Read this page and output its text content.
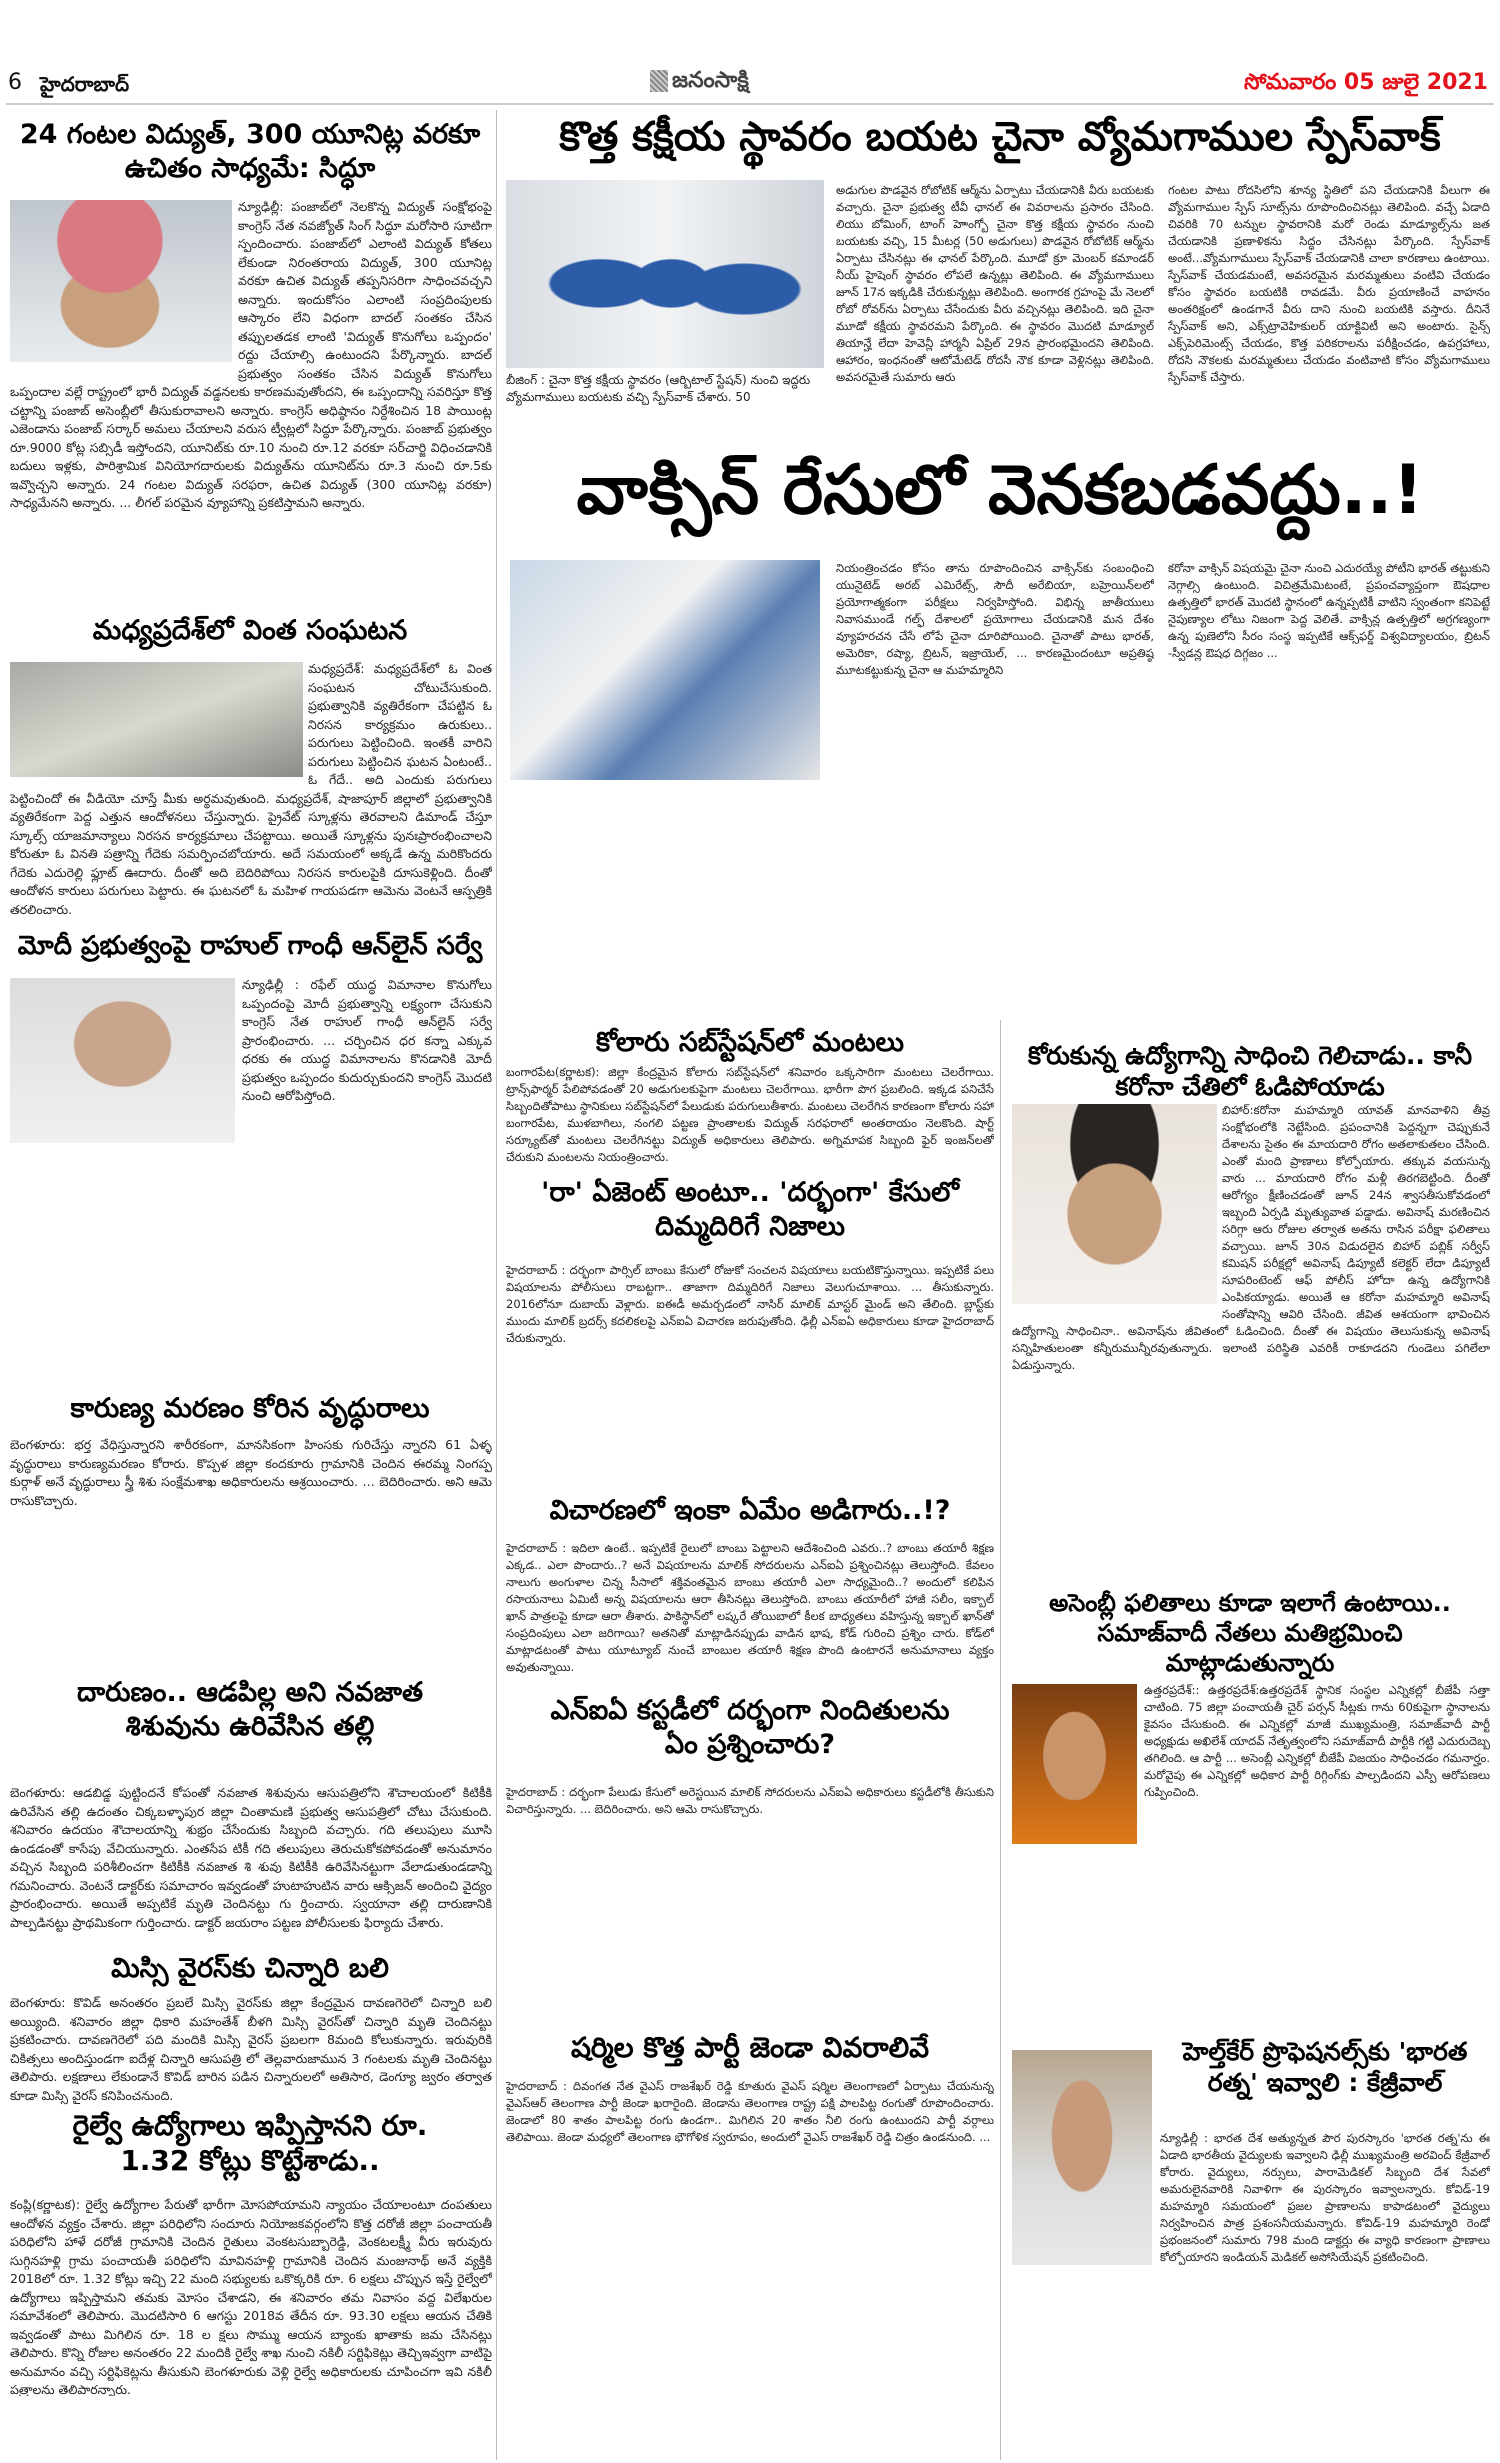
6 హైదరాబాద్	జనంసాక్షి	సోమవారం 05 జులై 2021
24 గంటల విద్యుత్, 300 యూనిట్ల వరకూ ఉచితం సాధ్యమే: సిద్ధూ
న్యూఢిల్లీ: పంజాబ్‌లో నెలకొన్న విద్యుత్ సంక్షోభంపై కాంగ్రెస్ నేత నవజ్యోత్ సింగ్ సిద్ధూ మరోసారి సూటిగా స్పందించారు. పంజాబ్‌లో ఎలాంటి విద్యుత్ కోతలు లేకుండా నిరంతరాయ విద్యుత్, 300 యూనిట్ల వరకూ ఉచిత విద్యుత్ తప్పనిసరిగా సాధించవచ్చని అన్నారు. ఇందుకోసం ఎలాంటి సంప్రదింపులకు ఆస్కారం లేని విధంగా బాదల్ సంతకం చేసిన తప్పులతడక లాంటి 'విద్యుత్ కొనుగోలు ఒప్పందం' రద్దు చేయాల్సి ఉంటుందని పేర్కొన్నారు. బాదల్ ప్రభుత్వం సంతకం చేసిన విద్యుత్ కొనుగోలు ఒప్పందాల వల్లే రాష్ట్రంలో భారీ విద్యుత్ వడ్డనలకు కారణమవుతోందని, ఈ ఒప్పందాన్ని సవరిస్తూ కొత్త చట్టాన్ని పంజాబ్ అసెంబ్లీలో తీసుకురావాలని అన్నారు. కాంగ్రెస్ అధిష్ఠానం నిర్దేశించిన 18 పాయింట్ల ఎజెండాను పంజాబ్ సర్కార్ అమలు చేయాలని వరుస ట్వీట్లలో సిద్ధూ పేర్కొన్నారు. పంజాబ్ ప్రభుత్వం రూ.9000 కోట్ల సబ్సిడీ ఇస్తోందని, యూనిట్‌కు రూ.10 నుంచి రూ.12 వరకూ సర్‌చార్జి విధించడానికి బదులు ఇళ్లకు, పారిశ్రామిక వినియోగదారులకు విద్యుత్‌ను యూనిట్‌ను రూ.3 నుంచి రూ.5కు ఇవ్వొచ్చని అన్నారు. 24 గంటల విద్యుత్ సరఫరా, ఉచిత విద్యుత్ (300 యూనిట్ల వరకూ) సాధ్యమేనని అన్నారు. ... లీగల్ పరమైన వ్యూహాన్ని ప్రకటిస్తామని అన్నారు.
మధ్యప్రదేశ్‌లో వింత సంఘటన
మధ్యప్రదేశ్: మధ్యప్రదేశ్‌లో ఓ వింత సంఘటన చోటుచేసుకుంది. ప్రభుత్వానికి వ్యతిరేకంగా చేపట్టిన ఓ నిరసన కార్యక్రమం ఉరుకులు.. పరుగులు పెట్టించింది. ఇంతకీ వారిని పరుగులు పెట్టించిన ఘటన ఏంటంటే.. ఓ గేదే.. అది ఎందుకు పరుగులు పెట్టించిందో ఈ వీడియో చూస్తే మీకు అర్థమవుతుంది. మధ్యప్రదేశ్, షాజాపూర్ జిల్లాలో ప్రభుత్వానికి వ్యతిరేకంగా పెద్ద ఎత్తున ఆందోళనలు చేస్తున్నారు. ప్రైవేట్ స్కూళ్లను తెరవాలని డిమాండ్ చేస్తూ స్కూల్స్ యాజమాన్యాలు నిరసన కార్యక్రమాలు చేపట్టాయి. అయితే స్కూళ్లను పునఃప్రారంభించాలని కోరుతూ ఓ వినతి పత్రాన్ని గేదెకు సమర్పించబోయారు. అదే సమయంలో అక్కడే ఉన్న మరికొందరు గేదెకు ఎదురెల్లి ఫ్లూట్ ఊదారు. దీంతో అది బెదిరిపోయి నిరసన కారులపైకి దూసుకెళ్లింది. దీంతో ఆందోళన కారులు పరుగులు పెట్టారు. ఈ ఘటనలో ఓ మహిళ గాయపడగా ఆమెను వెంటనే ఆస్పత్రికి తరలించారు.
మోదీ ప్రభుత్వంపై రాహుల్ గాంధీ ఆన్‌లైన్ సర్వే
న్యూఢిల్లీ : రఫేల్ యుద్ధ విమానాల కొనుగోలు ఒప్పందంపై మోదీ ప్రభుత్వాన్ని లక్ష్యంగా చేసుకుని కాంగ్రెస్ నేత రాహుల్ గాంధీ ఆన్‌లైన్ సర్వే ప్రారంభించారు. ... చర్చించిన ధర కన్నా ఎక్కువ ధరకు ఈ యుద్ధ విమానాలను కొనడానికి మోదీ ప్రభుత్వం ఒప్పందం కుదుర్చుకుందని కాంగ్రెస్ మొదటి నుంచి ఆరోపిస్తోంది.
కారుణ్య మరణం కోరిన వృద్ధురాలు
బెంగళూరు: భర్త వేధిస్తున్నారని శారీరకంగా, మానసికంగా హింసకు గురిచేస్తు న్నారని 61 ఏళ్ళ వృద్ధురాలు కారుణ్యమరణం కోరారు. కొప్పళ జిల్లా కందకూరు గ్రామానికి చెందిన ఈరమ్మ నింగప్ప కుర్గాళ్ అనే వృద్ధురాలు స్త్రీ శిశు సంక్షేమశాఖ అధికారులను ఆశ్రయించారు. ... బెదిరించారు. అని ఆమె రాసుకొచ్చారు.
దారుణం.. ఆడపిల్ల అని నవజాత శిశువును ఉరివేసిన తల్లి
బెంగళూరు: ఆడబిడ్డ పుట్టిందనే కోపంతో నవజాత శిశువును ఆసుపత్రిలోని శౌచాలయంలో కిటికీకి ఉరివేసిన తల్లి ఉదంతం చిక్కబళ్ళాపుర జిల్లా చింతామణి ప్రభుత్వ ఆసుపత్రిలో చోటు చేసుకుంది. శనివారం ఉదయం శౌచాలయాన్ని శుభ్రం చేసేందుకు సిబ్బంది వచ్చారు. గది తలుపులు మూసి ఉండడంతో కాసేపు వేచియున్నారు. ఎంతసేప టికీ గది తలుపులు తెరుచుకోకపోవడంతో అనుమానం వచ్చిన సిబ్బంది పరిశీలించగా కిటికీకి నవజాత శి శువు కిటికీకి ఉరివేసినట్టుగా వేలాడుతుండడాన్ని గమనించారు. వెంటనే డాక్టర్‌కు సమాచారం ఇవ్వడంతో హుటాహుటిన వారు ఆక్సిజన్ అందించి వైద్యం ప్రారంభించారు. అయితే అప్పటికే మృతి చెందినట్టు గు ర్తించారు. స్వయానా తల్లి దారుణానికి పాల్పడినట్టు ప్రాథమికంగా గుర్తించారు. డాక్టర్ జయరాం పట్టణ పోలీసులకు ఫిర్యాదు చేశారు.
మిస్సి వైరస్‌కు చిన్నారి బలి
బెంగళూరు: కొవిడ్ అనంతరం ప్రబలే మిస్సి వైరస్‌కు జిల్లా కేంద్రమైన దావణగెరెలో చిన్నారి బలి అయ్యింది. శనివారం జిల్లా ధికారి మహంతేశ్ బీళగి మిస్సి వైరస్‌తో చిన్నారి మృతి చెందినట్టు ప్రకటించారు. దావణగెరెలో పది మందికి మిస్సి వైరస్ ప్రబలగా 8మంది కోలుకున్నారు. ఇరువురికి చికిత్సలు అందిస్తుండగా ఐదేళ్ల చిన్నారి ఆసుపత్రి లో తెల్లవారుజామున 3 గంటలకు మృతి చెందినట్టు తెలిపారు. లక్షణాలు లేకుండానే కొవిడ్ బారిన పడిన చిన్నారులలో అతిసార, డెంగ్యూ జ్వరం తర్వాత కూడా మిస్సి వైరస్ కనిపించనుంది.
రైల్వే ఉద్యోగాలు ఇప్పిస్తానని రూ. 1.32 కోట్లు కొట్టేశాడు..
కంప్లి(కర్ణాటక): రైల్వే ఉద్యోగాల పేరుతో భారీగా మోసపోయామని న్యాయం చేయాలంటూ దంపతులు ఆందోళన వ్యక్తం చేశారు. జిల్లా పరిధిలోని సందూరు నియోజకవర్గంలోని కొత్త దరోజీ జిల్లా పంచాయతీ పరిధిలోని హాళే దరోజీ గ్రామానికి చెందిన రైతులు వెంకటసుబ్బారెడ్డి, వెంకటలక్ష్మీ వీరు ఇరువురు సుగ్గినహళ్లి గ్రామ పంచాయతీ పరిధిలోని మావినహళ్లి గ్రామానికి చెందిన మంజునాథ్ అనే వ్యక్తికి 2018లో రూ. 1.32 కోట్లు ఇచ్చి 22 మంది సభ్యులకు ఒకొక్కరికి రూ. 6 లక్షలు చొప్పున ఇస్తే రైల్వేలో ఉద్యోగాలు ఇప్పిస్తామని తమకు మోసం చేశాడని, ఈ శనివారం తమ నివాసం వద్ద విలేఖరుల సమావేశంలో తెలిపారు. మొదటిసారి 6 ఆగస్టు 2018వ తేదీన రూ. 93.30 లక్షలు ఆయన చేతికి ఇవ్వడంతో పాటు మిగిలిన రూ. 18 ల క్షలు సొమ్ము ఆయన బ్యాంకు ఖాతాకు జమ చేసినట్లు తెలిపారు. కొన్ని రోజుల అనంతరం 22 మందికి రైల్వే శాఖ నుంచి నకిలీ సర్టిఫికెట్లు తెచ్చిఇవ్వగా వాటిపై అనుమానం వచ్చి సర్టిఫికెట్లను తీసుకుని బెంగళూరుకు వెళ్లి రైల్వే అధికారులకు చూపించగా ఇవి నకిలీ పత్రాలను తెలిపారన్నారు.
కొత్త కక్షీయ స్థావరం బయట చైనా వ్యోమగాముల స్పేస్‌వాక్
బీజింగ్ : చైనా కొత్త కక్షీయ స్థావరం (ఆర్బిటాల్ స్టేషన్) నుంచి ఇద్దరు వ్యోమగాములు బయటకు వచ్చి స్పేస్‌వాక్ చేశారు. 50
అడుగుల పొడవైన రోబోటిక్ ఆర్మ్‌ను ఏర్పాటు చేయడానికి వీరు బయటకు వచ్చారు. చైనా ప్రభుత్వ టీవీ ఛానల్ ఈ వివరాలను ప్రసారం చేసింది. లియు బోమింగ్, టాంగ్ హెాంగ్బో చైనా కొత్త కక్షీయ స్థావరం నుంచి బయటకు వచ్చి, 15 మీటర్ల (50 అడుగులు) పొడవైన రోబోటిక్ ఆర్మ్‌ను ఏర్పాటు చేసినట్లు ఈ ఛానల్ పేర్కొంది. మూడో క్రూ మెంబర్ కమాండర్ నీయ్ హైషెంగ్ స్థావరం లోపలే ఉన్నట్లు తెలిపింది. ఈ వ్యోమగాములు జూన్ 17న ఇక్కడికి చేరుకున్నట్లు తెలిపింది. అంగారక గ్రహంపై మే నెలలో రోబో రోవర్‌ను ఏర్పాటు చేసేందుకు వీరు వచ్చినట్లు తెలిపింది. ఇది చైనా మూడో కక్షీయ స్థావరమని పేర్కొంది. ఈ స్థావరం మొదటి మాడ్యూల్ తియాన్హే లేదా హెవెన్లీ హార్మనీ ఏప్రిల్ 29న ప్రారంభమైందని తెలిపింది. ఆహారం, ఇంధనంతో ఆటోమేటెడ్ రోదసీ నౌక కూడా వెళ్లినట్లు తెలిపింది. అవసరమైతే సుమారు ఆరు
గంటల పాటు రోదసిలోని శూన్య స్థితిలో పని చేయడానికి వీలుగా ఈ వ్యోమగాముల స్పేస్ సూట్స్‌ను రూపొందించినట్లు తెలిపింది. వచ్చే ఏడాది చివరికి 70 టన్నుల స్థావరానికి మరో రెండు మాడ్యూల్స్‌ను జత చేయడానికి ప్రణాళికను సిద్ధం చేసినట్లు పేర్కొంది. స్పేస్‌వాక్ అంటే...వ్యోమగాములు స్పేస్‌వాక్ చేయడానికి చాలా కారణాలు ఉంటాయి. స్పేస్‌వాక్ చేయడమంటే, అవసరమైన మరమ్మతులు వంటివి చేయడం కోసం స్థావరం బయటికి రావడమే. వీరు ప్రయాణించే వాహనం అంతరిక్షంలో ఉండగానే వీరు దాని నుంచి బయటికి వస్తారు. దీనినే స్పేస్‌వాక్ అని, ఎక్స్‌ట్రావెహికులర్ యాక్టివిటీ అని అంటారు. సైన్స్ ఎక్స్‌పెరిమెంట్స్ చేయడం, కొత్త పరికరాలను పరీక్షించడం, ఉపగ్రహాలు, రోదసి నౌకలకు మరమ్మతులు చేయడం వంటివాటి కోసం వ్యోమగాములు స్పేస్‌వాక్ చేస్తారు.
వాక్సిన్ రేసులో వెనకబడవద్దు..!
నియంత్రించడం కోసం తాను రూపొందించిన వాక్సిన్‌కు సంబంధించి యునైటెడ్ అరబ్ ఎమిరేట్స్, సౌదీ అరేబియా, బహ్రెయిన్‌లలో ప్రయోగాత్మకంగా పరీక్షలు నిర్వహిస్తోంది. విభిన్న జాతీయులు నివాసముండే గల్ఫ్ దేశాలలో ప్రయోగాలు చేయడానికి మన దేశం వ్యూహరచన చేసే లోపే చైనా దూరిపోయింది. చైనాతో పాటు భారత్, అమెరికా, రష్యా, బ్రిటన్, ఇజ్రాయెల్, ... కారణమైందంటూ అప్రతిష్ఠ మూటకట్టుకున్న చైనా ఆ మహమ్మారిని
కరోనా వాక్సిన్ విషయమై చైనా నుంచి ఎదురయ్యే పోటీని భారత్ తట్టుకుని నెగ్గాల్సి ఉంటుంది. విచిత్రమేమిటంటే, ప్రపంచవ్యాప్తంగా ఔషధాల ఉత్పత్తిలో భారత్ మొదటి స్థానంలో ఉన్నప్పటికీ వాటిని స్వంతంగా కనిపెట్టే నైపుణ్యాల లోటు నిజంగా పెద్ద వెలితే. వాక్సిన్ల ఉత్పత్తిలో అగ్రగణ్యంగా ఉన్న పుణెలోని సీరం సంస్థ ఇప్పటికే ఆక్స్‌ఫర్డ్ విశ్వవిద్యాలయం, బ్రిటన్ -స్వీడన్ల ఔషధ దిగ్గజం ...
కోలారు సబ్‌స్టేషన్‌లో మంటలు
బంగారపేట(కర్ణాటక): జిల్లా కేంద్రమైన కోలారు సబ్‌స్టేషన్‌లో శనివారం ఒక్కసారిగా మంటలు చెలరేగాయి. ట్రాన్స్‌ఫార్మర్ పేలిపోవడంతో 20 అడుగులకుపైగా మంటలు చెలరేగాయి. భారీగా పొగ ప్రబలింది. ఇక్కడ పనిచేసే సిబ్బందితోపాటు స్థానికులు సబ్‌స్టేషన్‌లో పేలుడుకు పరుగులుతీశారు. మంటలు చెలరేగిన కారణంగా కోలారు సహా బంగారపేట, ముళబాగిలు, నంగలి పట్టణ ప్రాంతాలకు విద్యుత్ సరఫరాలో అంతరాయం నెలకొంది. షార్ట్ సర్క్యూట్‌తో మంటలు చెలరేగినట్టు విద్యుత్ అధికారులు తెలిపారు. అగ్నిమాపక సిబ్బంది ఫైర్ ఇంజన్‌లతో చేరుకుని మంటలను నియంత్రించారు.
'రా' ఏజెంట్ అంటూ.. 'దర్భంగా' కేసులో దిమ్మదిరిగే నిజాలు
హైదరాబాద్ : దర్భంగా పార్సిల్ బాంబు కేసులో రోజుకో సంచలన విషయాలు బయటికొస్తున్నాయి. ఇప్పటికే పలు విషయాలను పోలీసులు రాబట్టగా.. తాజాగా దిమ్మదిరిగే నిజాలు వెలుగుచూశాయి. ... తీసుకున్నారు. 2016లోనూ దుబాయ్ వెళ్లారు. ఐఈడీ అమర్చడంలో నాసిర్ మాలిక్ మాస్టర్ మైండ్ అని తేలింది. బ్లాస్ట్‌కు ముందు మాలిక్ బ్రదర్స్ కదలికలపై ఎన్ఐఏ విచారణ జరుపుతోంది. ఢిల్లీ ఎన్ఐఏ అధికారులు కూడా హైదరాబాద్ చేరుకున్నారు.
విచారణలో ఇంకా ఏమేం అడిగారు..!?
హైదరాబాద్ : ఇదిలా ఉంటే.. ఇప్పటికే రైలులో బాంబు పెట్టాలని ఆదేశించింది ఎవరు..? బాంబు తయారీ శిక్షణ ఎక్కడ.. ఎలా పొందారు..? అనే విషయాలను మాలిక్ సోదరులను ఎన్ఐఏ ప్రశ్నించినట్లు తెలుస్తోంది. కేవలం నాలుగు అంగుళాల చిన్న సీసాలో శక్తివంతమైన బాంబు తయారీ ఎలా సాధ్యమైంది..? అందులో కలిపిన రసాయనాలు ఏమిటీ అన్న విషయాలను ఆరా తీసినట్లు తెలుస్తోంది. బాంబు తయారీలో హాజీ సలీం, ఇక్బాల్ ఖాన్ పాత్రలపై కూడా ఆరా తీశారు. పాకిస్థాన్‌లో లష్కరే తోయిబాలో కీలక బాధ్యతలు వహిస్తున్న ఇక్బాల్ ఖాన్‌తో సంప్రదింపులు ఎలా జరిగాయి? అతనితో మాట్లాడినప్పుడు వాడిన భాష, కోడ్ గురించి ప్రశ్నిం చారు. కోడ్‌లో మాట్లాడటంతో పాటు యూట్యూబ్ నుంచే బాంబుల తయారీ శిక్షణ పొంది ఉంటారనే అనుమానాలు వ్యక్తం అవుతున్నాయి.
ఎన్ఐఏ కస్టడీలో దర్భంగా నిందితులను ఏం ప్రశ్నించారు?
హైదరాబాద్ : దర్భంగా పేలుడు కేసులో అరెస్టయిన మాలిక్ సోదరులను ఎన్ఐఏ అధికారులు కస్టడీలోకి తీసుకుని విచారిస్తున్నారు. ... బెదిరించారు. అని ఆమె రాసుకొచ్చారు.
షర్మిల కొత్త పార్టీ జెండా వివరాలివే
హైదరాబాద్ : దివంగత నేత వైఎస్ రాజశేఖర్ రెడ్డి కూతురు వైఎస్ షర్మిల తెలంగాణలో ఏర్పాటు చేయనున్న వైఎస్ఆర్ తెలంగాణ పార్టీ జెండా ఖరారైంది. జెండాను తెలంగాణ రాష్ట్ర పక్షి పాలపిట్ట రంగుతో రూపొందించారు. జెండాలో 80 శాతం పాలపిట్ట రంగు ఉండగా.. మిగిలిన 20 శాతం నీలి రంగు ఉంటుందని పార్టీ వర్గాలు తెలిపాయి. జెండా మధ్యలో తెలంగాణ భౌగోళిక స్వరూపం, అందులో వైఎస్ రాజశేఖర్ రెడ్డి చిత్రం ఉండనుంది. ...
కోరుకున్న ఉద్యోగాన్ని సాధించి గెలిచాడు.. కానీ కరోనా చేతిలో ఓడిపోయాడు
బిహార్:కరోనా మహమ్మారి యావత్ మానవాళిని తీవ్ర సంక్షోభంలోకి నెట్టేసింది. ప్రపంచానికి పెద్దన్నగా చెప్పుకునే దేశాలను సైతం ఈ మాయదారి రోగం అతలాకుతలం చేసింది. ఎంతో మంది ప్రాణాలు కోల్పోయారు. తక్కువ వయసున్న వారు ... మాయదారి రోగం మళ్లీ తిరగబెట్టింది. దీంతో ఆరోగ్యం క్షీణించడంతో జూన్ 24న శ్వాసతీసుకోవడంలో ఇబ్బంది ఏర్పడి మృత్యువాత పడ్డాడు. అవినాష్ మరణించిన సరిగ్గా ఆరు రోజుల తర్వాత అతను రాసిన పరీక్షా ఫలితాలు వచ్చాయి. జూన్ 30న విడుదలైన బిహార్ పబ్లిక్ సర్వీస్ కమిషన్ పరీక్షల్లో అవినాష్ డిప్యూటీ కలెక్టర్ లేదా డిప్యూటీ సూపరింటెంట్ ఆఫ్ పోలీస్ హోదా ఉన్న ఉద్యోగానికి ఎంపికయ్యాడు. అయితే ఆ కరోనా మహమ్మారి అవినాష్ సంతోషాన్ని ఆవిరి చేసింది. జీవిత ఆశయంగా భావించిన ఉద్యోగాన్ని సాధించినా.. అవినాష్‌ను జీవితంలో ఓడించింది. దీంతో ఈ విషయం తెలుసుకున్న అవినాష్ సన్నిహితులంతా కన్నీరుమున్నీరవుతున్నారు. ఇలాంటి పరిస్థితి ఎవరికీ రాకూడదని గుండెలు పగిలేలా ఏడుస్తున్నారు.
అసెంబ్లీ ఫలితాలు కూడా ఇలాగే ఉంటాయి.. సమాజ్‌వాదీ నేతలు మతిభ్రమించి మాట్లాడుతున్నారు
ఉత్తరప్రదేశ్:: ఉత్తరప్రదేశ్:ఉత్తరప్రదేశ్ స్థానిక సంస్థల ఎన్నికల్లో బీజేపీ సత్తా చాటింది. 75 జిల్లా పంచాయతీ చైర్ పర్సన్ సీట్లకు గాను 60కుపైగా స్థానాలను కైవసం చేసుకుంది. ఈ ఎన్నికల్లో మాజీ ముఖ్యమంత్రి, సమాజ్‌వాదీ పార్టీ అధ్యక్షుడు అఖిలేశ్ యాదవ్ నేతృత్వంలోని సమాజ్‌వాదీ పార్టీకి గట్టి ఎదురుదెబ్బ తగిలింది. ఆ పార్టీ ... అసెంబ్లీ ఎన్నికల్లో బీజేపీ విజయం సాధించడం గమనార్హం. మరోవైపు ఈ ఎన్నికల్లో అధికార పార్టీ రిగ్గింగ్‌కు పాల్పడిందని ఎస్పీ ఆరోపణలు గుప్పించింది.
హెల్త్‌కేర్ ప్రొఫెషనల్స్‌కు 'భారత రత్న' ఇవ్వాలి : కేజ్రీవాల్
న్యూఢిల్లీ : భారత దేశ అత్యున్నత పౌర పురస్కారం 'భారత రత్న'ను ఈ ఏడాది భారతీయ వైద్యులకు ఇవ్వాలని ఢిల్లీ ముఖ్యమంత్రి అరవింద్ కేజ్రీవాల్ కోరారు. వైద్యులు, నర్సులు, పారామెడికల్ సిబ్బంది దేశ సేవలో అమరులైనవారికి నివాళిగా ఈ పురస్కారం ఇవ్వాలన్నారు. కోవిడ్-19 మహమ్మారి సమయంలో ప్రజల ప్రాణాలను కాపాడటంలో వైద్యులు నిర్వహించిన పాత్ర ప్రశంసనీయమన్నారు. కోవిడ్-19 మహమ్మారి రెండో ప్రభంజనంలో సుమారు 798 మంది డాక్టర్లు ఈ వ్యాధి కారణంగా ప్రాణాలు కోల్పోయారని ఇండియన్ మెడికల్ అసోసియేషన్ ప్రకటించింది.
